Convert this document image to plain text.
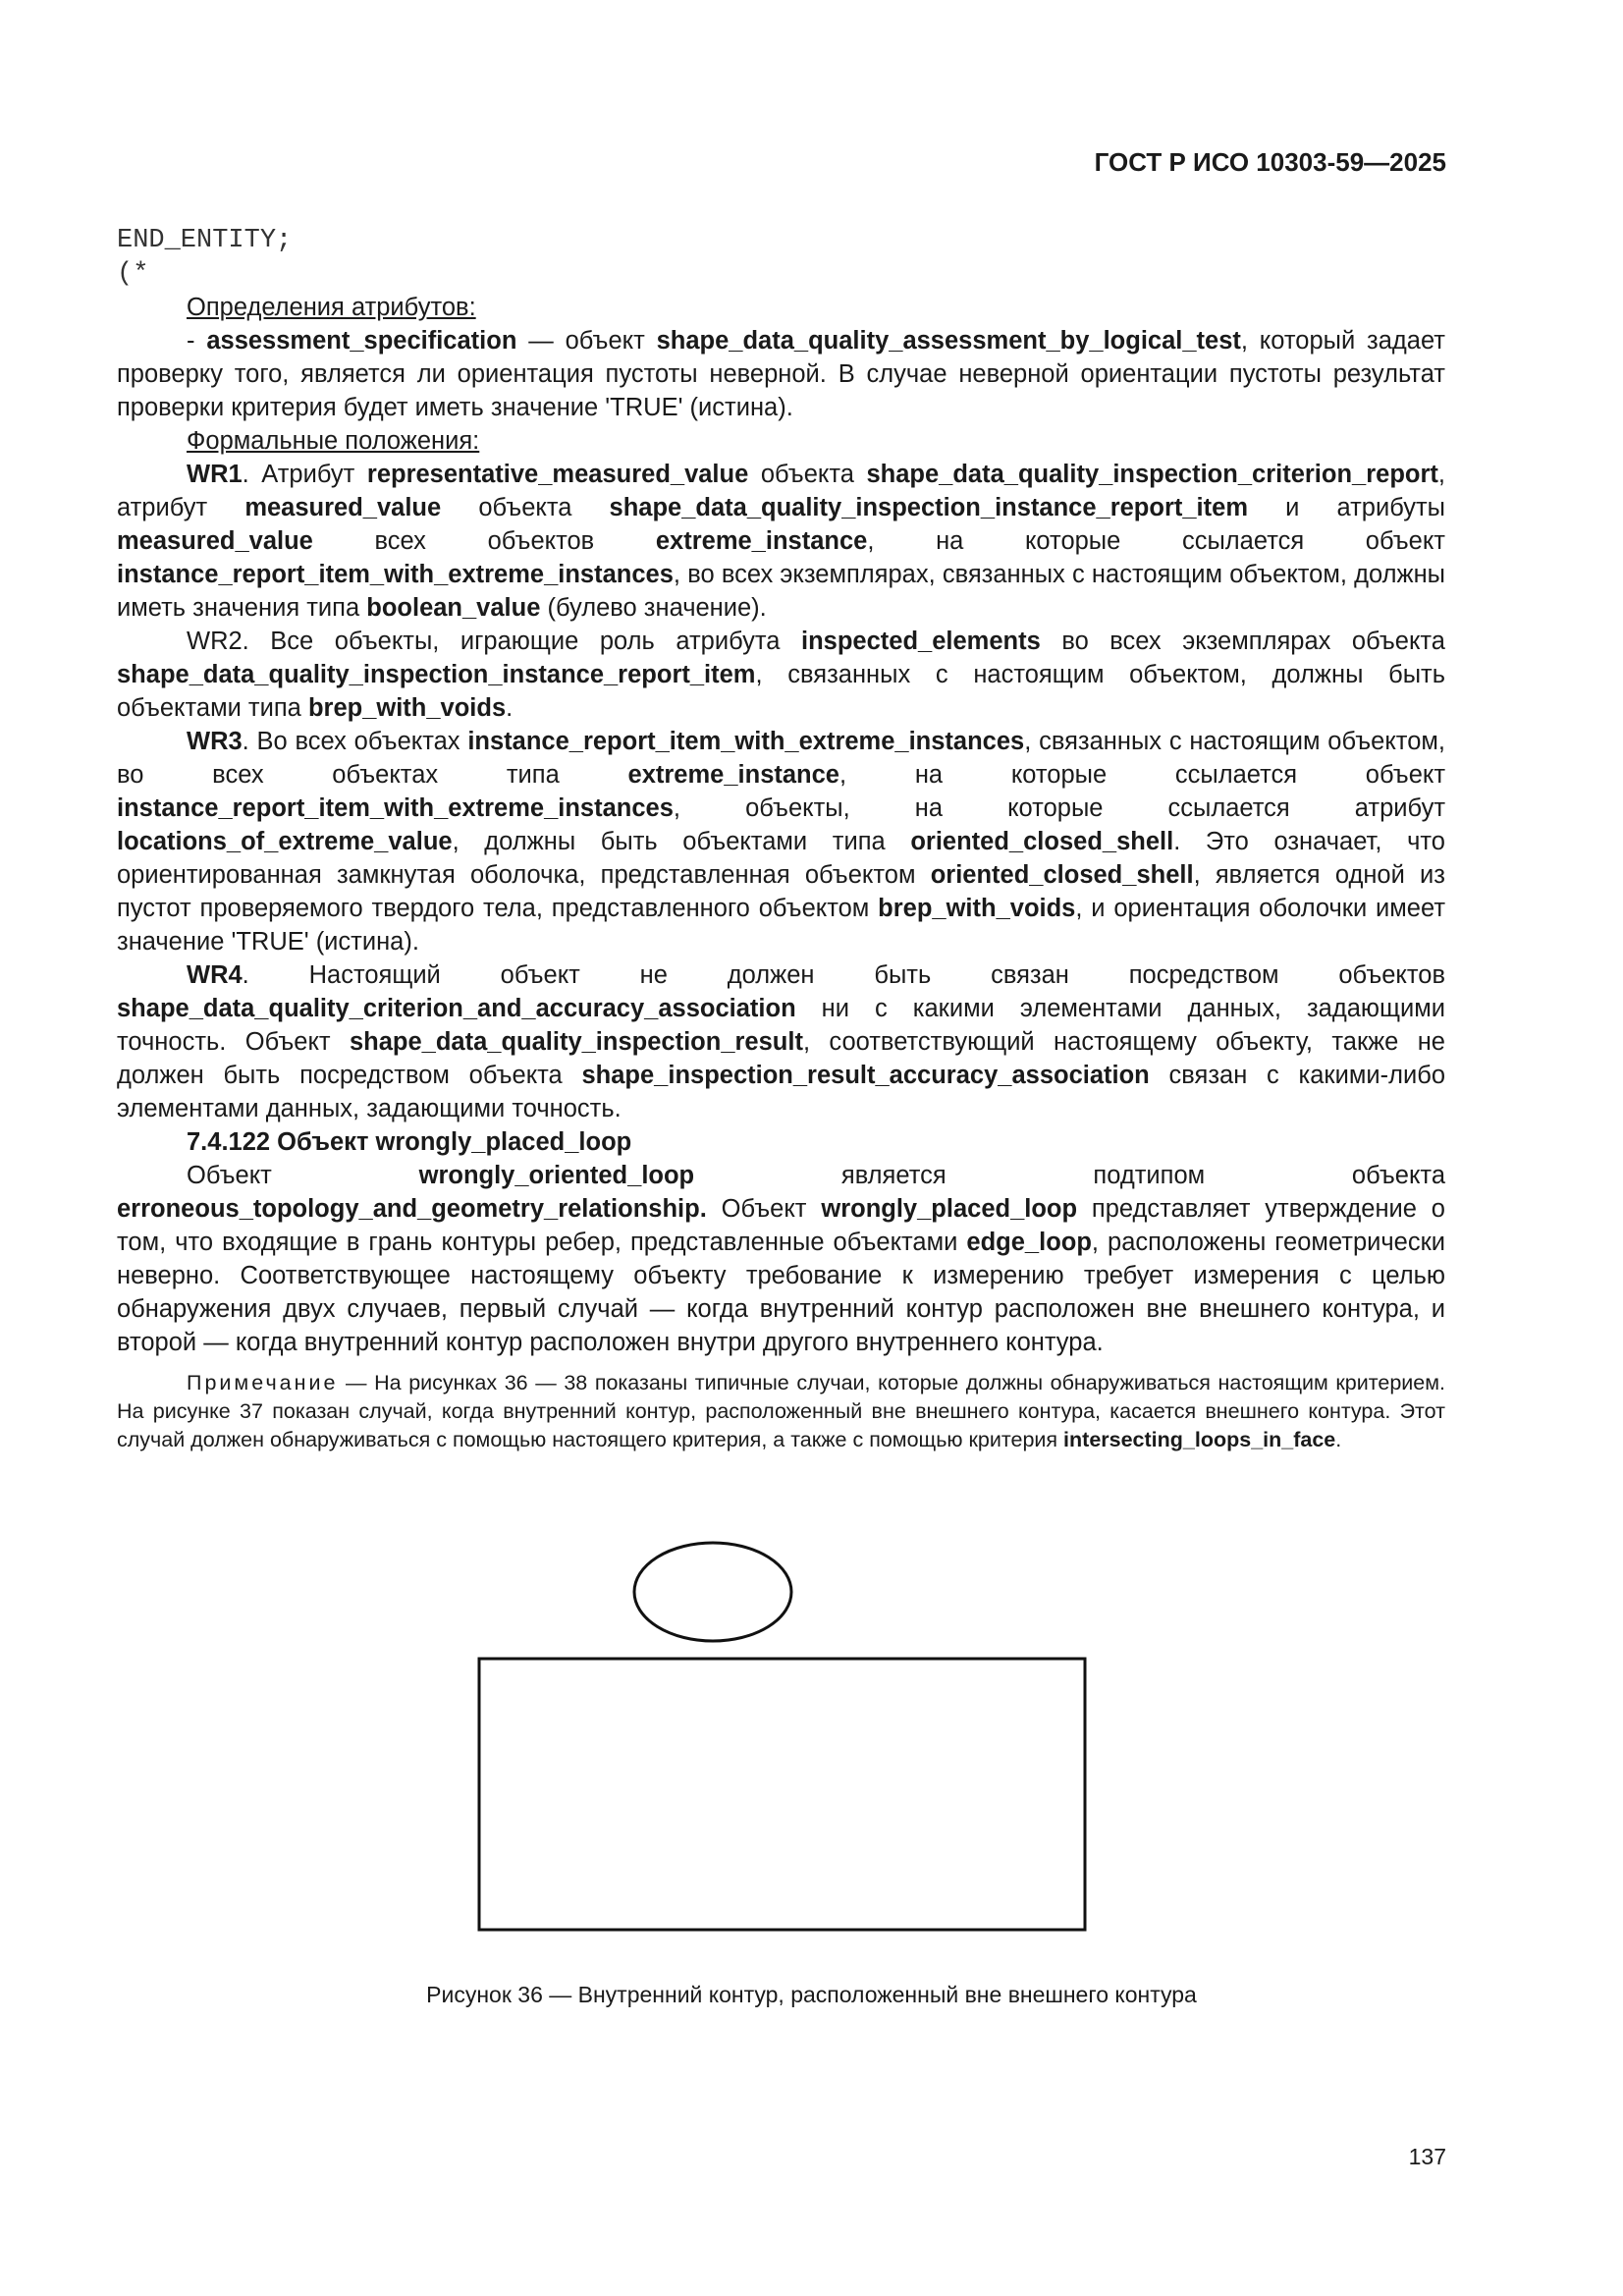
ГОСТ Р ИСО 10303-59—2025

END_ENTITY;

(*

Определения атрибутов:

- assessment_specification — объект shape_data_quality_assessment_by_logical_test, который задает проверку того, является ли ориентация пустоты неверной. В случае неверной ориентации пустоты результат проверки критерия будет иметь значение 'TRUE' (истина).

Формальные положения:

WR1. Атрибут representative_measured_value объекта shape_data_quality_inspection_criterion_report, атрибут measured_value объекта shape_data_quality_inspection_instance_report_item и атрибуты measured_value всех объектов extreme_instance, на которые ссылается объект instance_report_item_with_extreme_instances, во всех экземплярах, связанных с настоящим объектом, должны иметь значения типа boolean_value (булево значение).

WR2. Все объекты, играющие роль атрибута inspected_elements во всех экземплярах объекта shape_data_quality_inspection_instance_report_item, связанных с настоящим объектом, должны быть объектами типа brep_with_voids.

WR3. Во всех объектах instance_report_item_with_extreme_instances, связанных с настоящим объектом, во всех объектах типа extreme_instance, на которые ссылается объект instance_report_item_with_extreme_instances, объекты, на которые ссылается атрибут locations_of_extreme_value, должны быть объектами типа oriented_closed_shell. Это означает, что ориентированная замкнутая оболочка, представленная объектом oriented_closed_shell, является одной из пустот проверяемого твердого тела, представленного объектом brep_with_voids, и ориентация оболочки имеет значение 'TRUE' (истина).

WR4. Настоящий объект не должен быть связан посредством объектов shape_data_quality_criterion_and_accuracy_association ни с какими элементами данных, задающими точность. Объект shape_data_quality_inspection_result, соответствующий настоящему объекту, также не должен быть посредством объекта shape_inspection_result_accuracy_association связан с какими-либо элементами данных, задающими точность.

7.4.122 Объект wrongly_placed_loop

Объект wrongly_oriented_loop является подтипом объекта erroneous_topology_and_geometry_relationship. Объект wrongly_placed_loop представляет утверждение о том, что входящие в грань контуры ребер, представленные объектами edge_loop, расположены геометрически неверно. Соответствующее настоящему объекту требование к измерению требует измерения с целью обнаружения двух случаев, первый случай — когда внутренний контур расположен вне внешнего контура, и второй — когда внутренний контур расположен внутри другого внутреннего контура.

Примечание — На рисунках 36 — 38 показаны типичные случаи, которые должны обнаруживаться настоящим критерием. На рисунке 37 показан случай, когда внутренний контур, расположенный вне внешнего контура, касается внешнего контура. Этот случай должен обнаруживаться с помощью настоящего критерия, а также с помощью критерия intersecting_loops_in_face.

Рисунок 36 — Внутренний контур, расположенный вне внешнего контура
137
